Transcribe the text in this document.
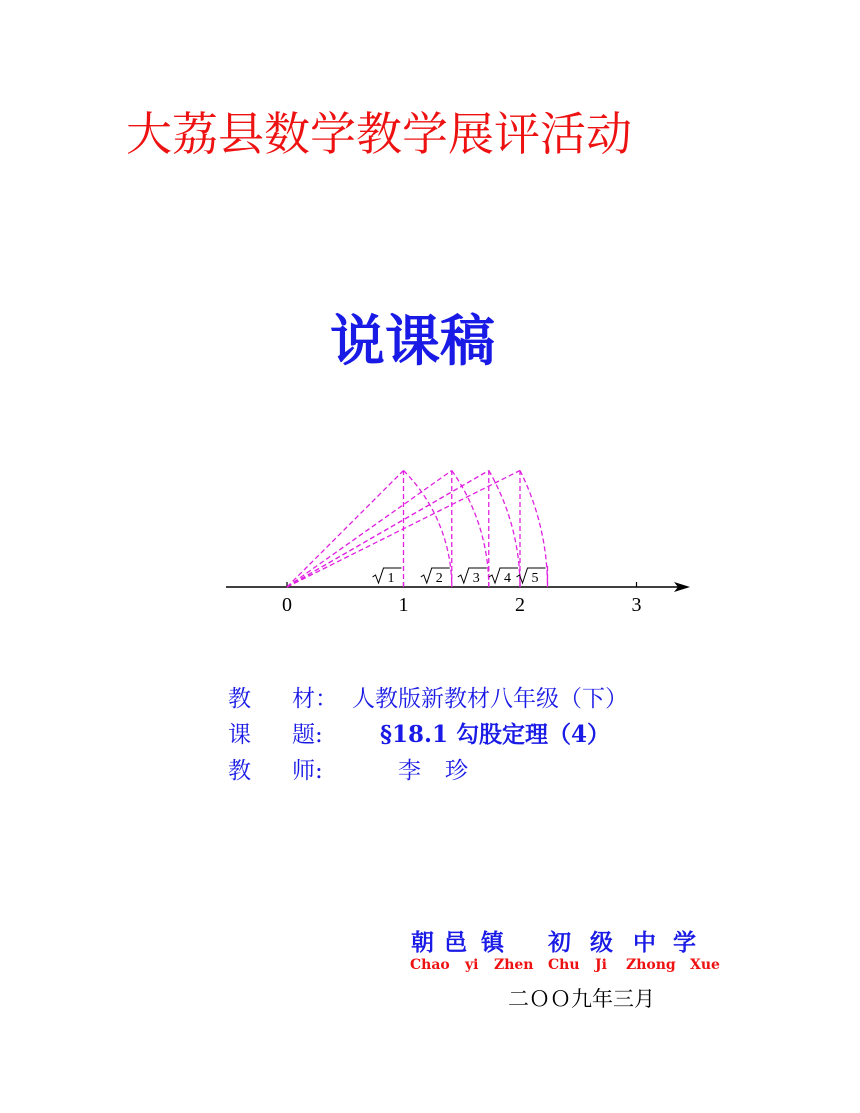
大荔县数学教学展评活动
说课稿
0	1	2	3
1	2 3 4 5
教 材： 人教版新教材八年级（下）
课 题: §18.1 勾股定理（4）
教 师:	李珍
朝 邑 镇 初 级 中 学
Chao yi Zhen Chu Ji Zhong Xue
二ＯＯ九年三月
